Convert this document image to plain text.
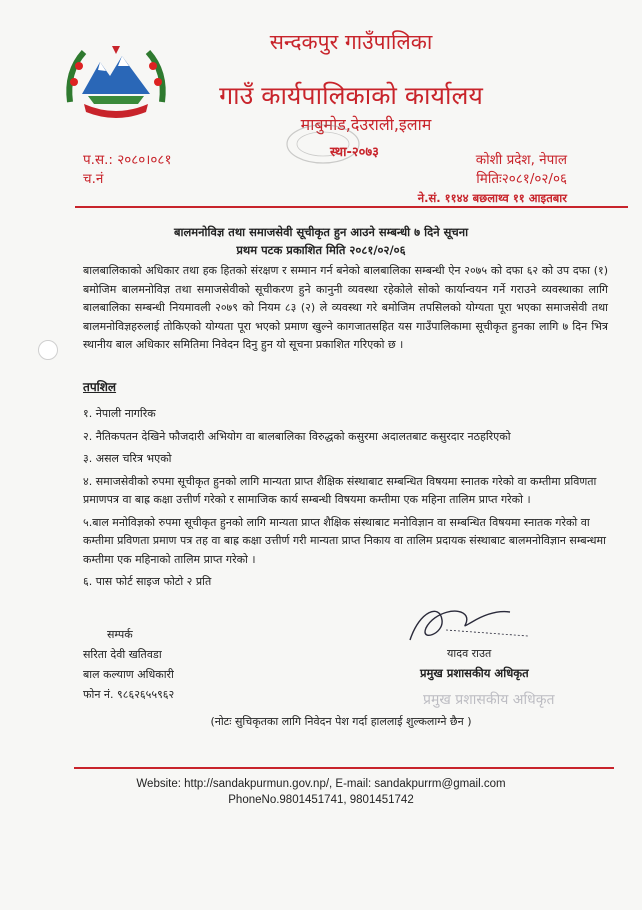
सन्दकपुर गाउँपालिका
गाउँ कार्यपालिकाको कार्यालय
माबुमोड,देउराली,इलाम
स्था-२०७३
प.स.: २०८०।०८१
च.नं
कोशी प्रदेश, नेपाल
मितिः२०८१/०२/०६
ने.सं. ११४४ बछलाथ्व ११ आइतबार
बालमनोविज्ञ तथा समाजसेवी सूचीकृत हुन आउने सम्बन्धी ७ दिने सूचना
प्रथम पटक प्रकाशित मिति २०८१/०२/०६
बालबालिकाको अधिकार तथा हक हितको संरक्षण र सम्मान गर्न बनेको बालबालिका सम्बन्धी ऐन २०७५ को दफा ६२ को उप दफा (१) बमोजिम बालमनोविज्ञ तथा समाजसेवीको सूचीकरण हुने कानुनी व्यवस्था रहेकोले सोको कार्यान्वयन गर्ने गराउने व्यवस्थाका लागि बालबालिका सम्बन्धी नियमावली २०७९ को नियम ८३ (२) ले व्यवस्था गरे बमोजिम तपसिलको योग्यता पूरा भएका समाजसेवी तथा बालमनोविज्ञहरुलाई तोकिएको योग्यता पूरा भएको प्रमाण खुल्ने कागजातसहित यस गाउँपालिकामा सूचीकृत हुनका लागि ७ दिन भित्र स्थानीय बाल अधिकार समितिमा निवेदन दिनु हुन यो सूचना प्रकाशित गरिएको छ ।
तपशिल

१. नेपाली नागरिक

२. नैतिकपतन देखिने फौजदारी अभियोग वा बालबालिका विरुद्धको कसुरमा अदालतबाट कसुरदार नठहरिएको

३. असल चरित्र भएको

४. समाजसेवीको रुपमा सूचीकृत हुनको लागि मान्यता प्राप्त शैक्षिक संस्थाबाट सम्बन्धित विषयमा स्नातक गरेको वा कम्तीमा प्रविणता प्रमाणपत्र वा बाह्र कक्षा उत्तीर्ण गरेको र सामाजिक कार्य सम्बन्धी विषयमा कम्तीमा एक महिना तालिम प्राप्त गरेको ।

५.बाल मनोविज्ञको रुपमा सूचीकृत हुनको लागि मान्यता प्राप्त शैक्षिक संस्थाबाट मनोविज्ञान वा सम्बन्धित विषयमा स्नातक गरेको वा कम्तीमा प्रविणता प्रमाण पत्र तह वा बाह्र कक्षा उत्तीर्ण गरी मान्यता प्राप्त निकाय वा तालिम प्रदायक संस्थाबाट बालमनोविज्ञान सम्बन्धमा कम्तीमा एक महिनाको तालिम प्राप्त गरेको ।

६. पास फोर्ट साइज फोटो २ प्रति

सम्पर्क
सरिता देवी खतिवडा
बाल कल्याण अधिकारी
फोन नं. ९८६२६५५९६२
यादव राउत
प्रमुख प्रशासकीय अधिकृत
प्रमुख प्रशासकीय अधिकृत
(नोटः सुचिकृतका लागि निवेदन पेश गर्दा हाललाई शुल्कलाग्ने छैन )
Website: http://sandakpurmun.gov.np/, E-mail: sandakpurrm@gmail.com
PhoneNo.9801451741, 9801451742
